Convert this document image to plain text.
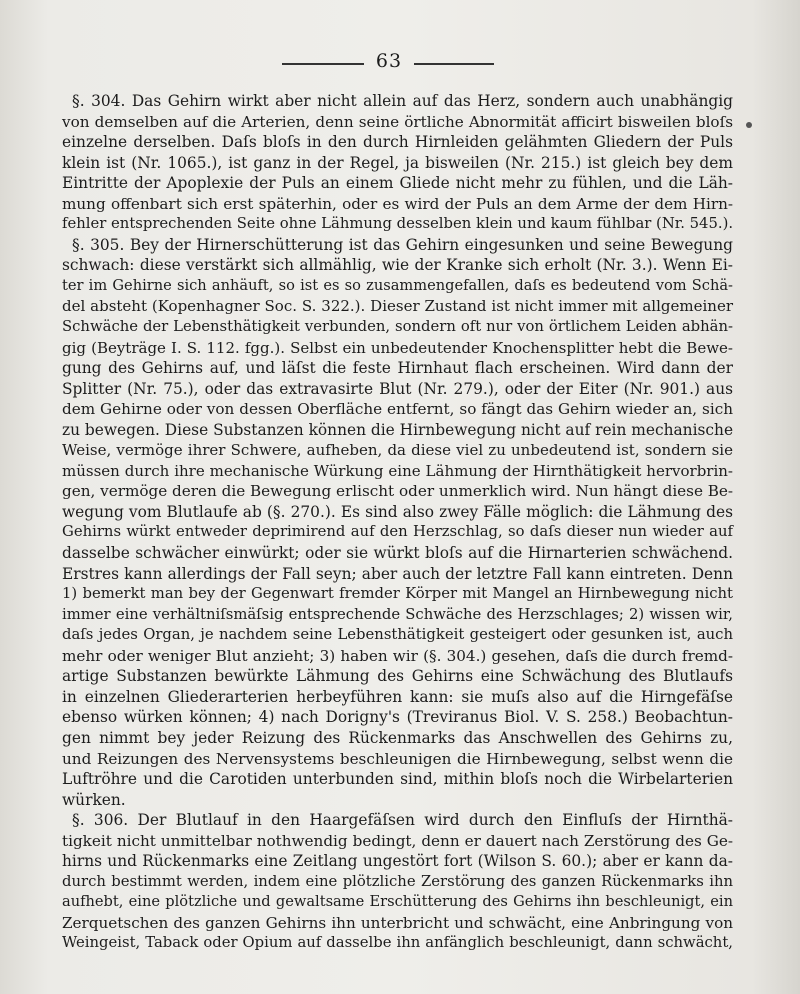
63
§. 304. Das Gehirn wirkt aber nicht allein auf das Herz, sondern auch unabhängig
von demselben auf die Arterien, denn seine örtliche Abnormität afficirt bisweilen bloſs
einzelne derselben. Daſs bloſs in den durch Hirnleiden gelähmten Gliedern der Puls
klein ist (Nr. 1065.), ist ganz in der Regel, ja bisweilen (Nr. 215.) ist gleich bey dem
Eintritte der Apoplexie der Puls an einem Gliede nicht mehr zu fühlen, und die Läh-
mung offenbart sich erst späterhin, oder es wird der Puls an dem Arme der dem Hirn-
fehler entsprechenden Seite ohne Lähmung desselben klein und kaum fühlbar (Nr. 545.).
§. 305. Bey der Hirnerschütterung ist das Gehirn eingesunken und seine Bewegung
schwach: diese verstärkt sich allmählig, wie der Kranke sich erholt (Nr. 3.). Wenn Ei-
ter im Gehirne sich anhäuft, so ist es so zusammengefallen, daſs es bedeutend vom Schä-
del absteht (Kopenhagner Soc. S. 322.). Dieser Zustand ist nicht immer mit allgemeiner
Schwäche der Lebensthätigkeit verbunden, sondern oft nur von örtlichem Leiden abhän-
gig (Beyträge I. S. 112. fgg.). Selbst ein unbedeutender Knochensplitter hebt die Bewe-
gung des Gehirns auf, und läſst die feste Hirnhaut flach erscheinen. Wird dann der
Splitter (Nr. 75.), oder das extravasirte Blut (Nr. 279.), oder der Eiter (Nr. 901.) aus
dem Gehirne oder von dessen Oberfläche entfernt, so fängt das Gehirn wieder an, sich
zu bewegen. Diese Substanzen können die Hirnbewegung nicht auf rein mechanische
Weise, vermöge ihrer Schwere, aufheben, da diese viel zu unbedeutend ist, sondern sie
müssen durch ihre mechanische Würkung eine Lähmung der Hirnthätigkeit hervorbrin-
gen, vermöge deren die Bewegung erlischt oder unmerklich wird. Nun hängt diese Be-
wegung vom Blutlaufe ab (§. 270.). Es sind also zwey Fälle möglich: die Lähmung des
Gehirns würkt entweder deprimirend auf den Herzschlag, so daſs dieser nun wieder auf
dasselbe schwächer einwürkt; oder sie würkt bloſs auf die Hirnarterien schwächend.
Erstres kann allerdings der Fall seyn; aber auch der letztre Fall kann eintreten. Denn
1) bemerkt man bey der Gegenwart fremder Körper mit Mangel an Hirnbewegung nicht
immer eine verhältniſsmäſsig entsprechende Schwäche des Herzschlages; 2) wissen wir,
daſs jedes Organ, je nachdem seine Lebensthätigkeit gesteigert oder gesunken ist, auch
mehr oder weniger Blut anzieht; 3) haben wir (§. 304.) gesehen, daſs die durch fremd-
artige Substanzen bewürkte Lähmung des Gehirns eine Schwächung des Blutlaufs
in einzelnen Gliederarterien herbeyführen kann: sie muſs also auf die Hirngefäſse
ebenso würken können; 4) nach Dorigny's (Treviranus Biol. V. S. 258.) Beobachtun-
gen nimmt bey jeder Reizung des Rückenmarks das Anschwellen des Gehirns zu,
und Reizungen des Nervensystems beschleunigen die Hirnbewegung, selbst wenn die
Luftröhre und die Carotiden unterbunden sind, mithin bloſs noch die Wirbelarterien
würken.
§. 306. Der Blutlauf in den Haargefäſsen wird durch den Einfluſs der Hirnthä-
tigkeit nicht unmittelbar nothwendig bedingt, denn er dauert nach Zerstörung des Ge-
hirns und Rückenmarks eine Zeitlang ungestört fort (Wilson S. 60.); aber er kann da-
durch bestimmt werden, indem eine plötzliche Zerstörung des ganzen Rückenmarks ihn
aufhebt, eine plötzliche und gewaltsame Erschütterung des Gehirns ihn beschleunigt, ein
Zerquetschen des ganzen Gehirns ihn unterbricht und schwächt, eine Anbringung von
Weingeist, Taback oder Opium auf dasselbe ihn anfänglich beschleunigt, dann schwächt,
